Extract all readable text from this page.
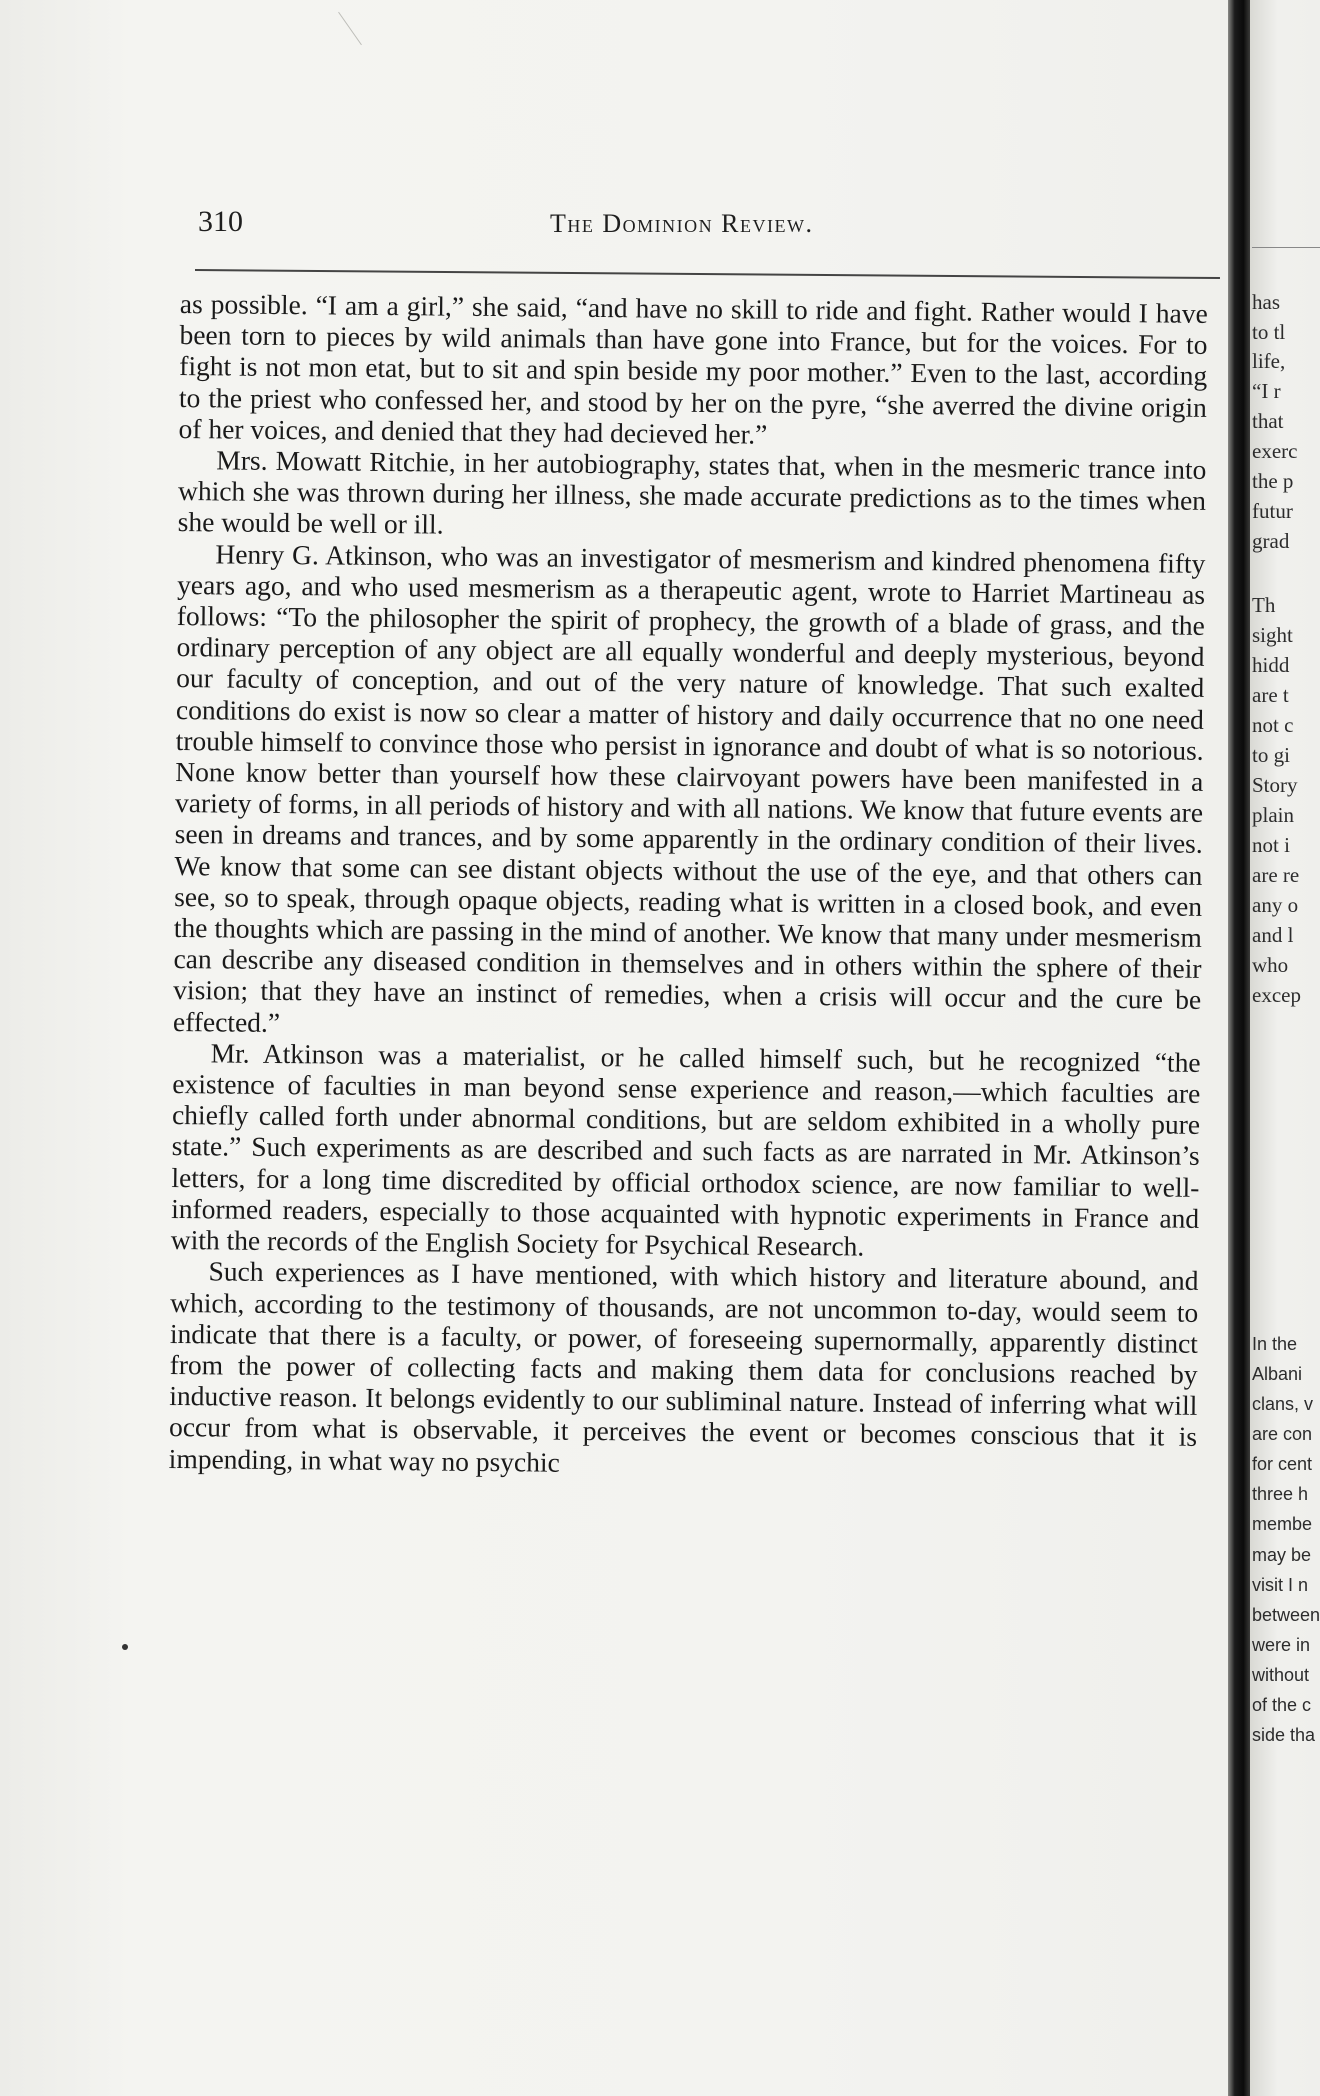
310	The Dominion Review.

as possible. “I am a girl,” she said, “and have no skill to ride and fight. Rather would I have been torn to pieces by wild animals than have gone into France, but for the voices. For to fight is not mon etat, but to sit and spin beside my poor mother.” Even to the last, according to the priest who confessed her, and stood by her on the pyre, “she averred the divine origin of her voices, and denied that they had decieved her.”

Mrs. Mowatt Ritchie, in her autobiography, states that, when in the mesmeric trance into which she was thrown during her illness, she made accurate predictions as to the times when she would be well or ill.

Henry G. Atkinson, who was an investigator of mesmerism and kindred phenomena fifty years ago, and who used mesmerism as a therapeutic agent, wrote to Harriet Martineau as follows: “To the philosopher the spirit of prophecy, the growth of a blade of grass, and the ordinary perception of any object are all equally wonderful and deeply mysterious, beyond our faculty of conception, and out of the very nature of knowledge. That such exalted conditions do exist is now so clear a matter of history and daily occurrence that no one need trouble himself to convince those who persist in ignorance and doubt of what is so notorious. None know better than yourself how these clairvoyant powers have been manifested in a variety of forms, in all periods of history and with all nations. We know that future events are seen in dreams and trances, and by some apparently in the ordinary condition of their lives. We know that some can see distant objects without the use of the eye, and that others can see, so to speak, through opaque objects, reading what is written in a closed book, and even the thoughts which are passing in the mind of another. We know that many under mesmerism can describe any diseased condition in themselves and in others within the sphere of their vision; that they have an instinct of remedies, when a crisis will occur and the cure be effected.”

Mr. Atkinson was a materialist, or he called himself such, but he recognized “the existence of faculties in man beyond sense experience and reason,—which faculties are chiefly called forth under abnormal conditions, but are seldom exhibited in a wholly pure state.” Such experiments as are described and such facts as are narrated in Mr. Atkinson’s letters, for a long time discredited by official orthodox science, are now familiar to well-informed readers, especially to those acquainted with hypnotic experiments in France and with the records of the English Society for Psychical Research.

Such experiences as I have mentioned, with which history and literature abound, and which, according to the testimony of thousands, are not uncommon to-day, would seem to indicate that there is a faculty, or power, of foreseeing supernormally, apparently distinct from the power of collecting facts and making them data for conclusions reached by inductive reason. It belongs evidently to our subliminal nature. Instead of inferring what will occur from what is observable, it perceives the event or becomes conscious that it is impending, in what way no psychic

has
to tl
life,
“I r
that
exerc
the p
futur
grad
Th
sight
hidd
are t
not c
to gi
Story
plain
not i
are re
any o
and l
who
excep
In the
Albani
clans, v
are con
for cent
three h
membe
may be
visit I n
between
were in
without
of the c
side tha
